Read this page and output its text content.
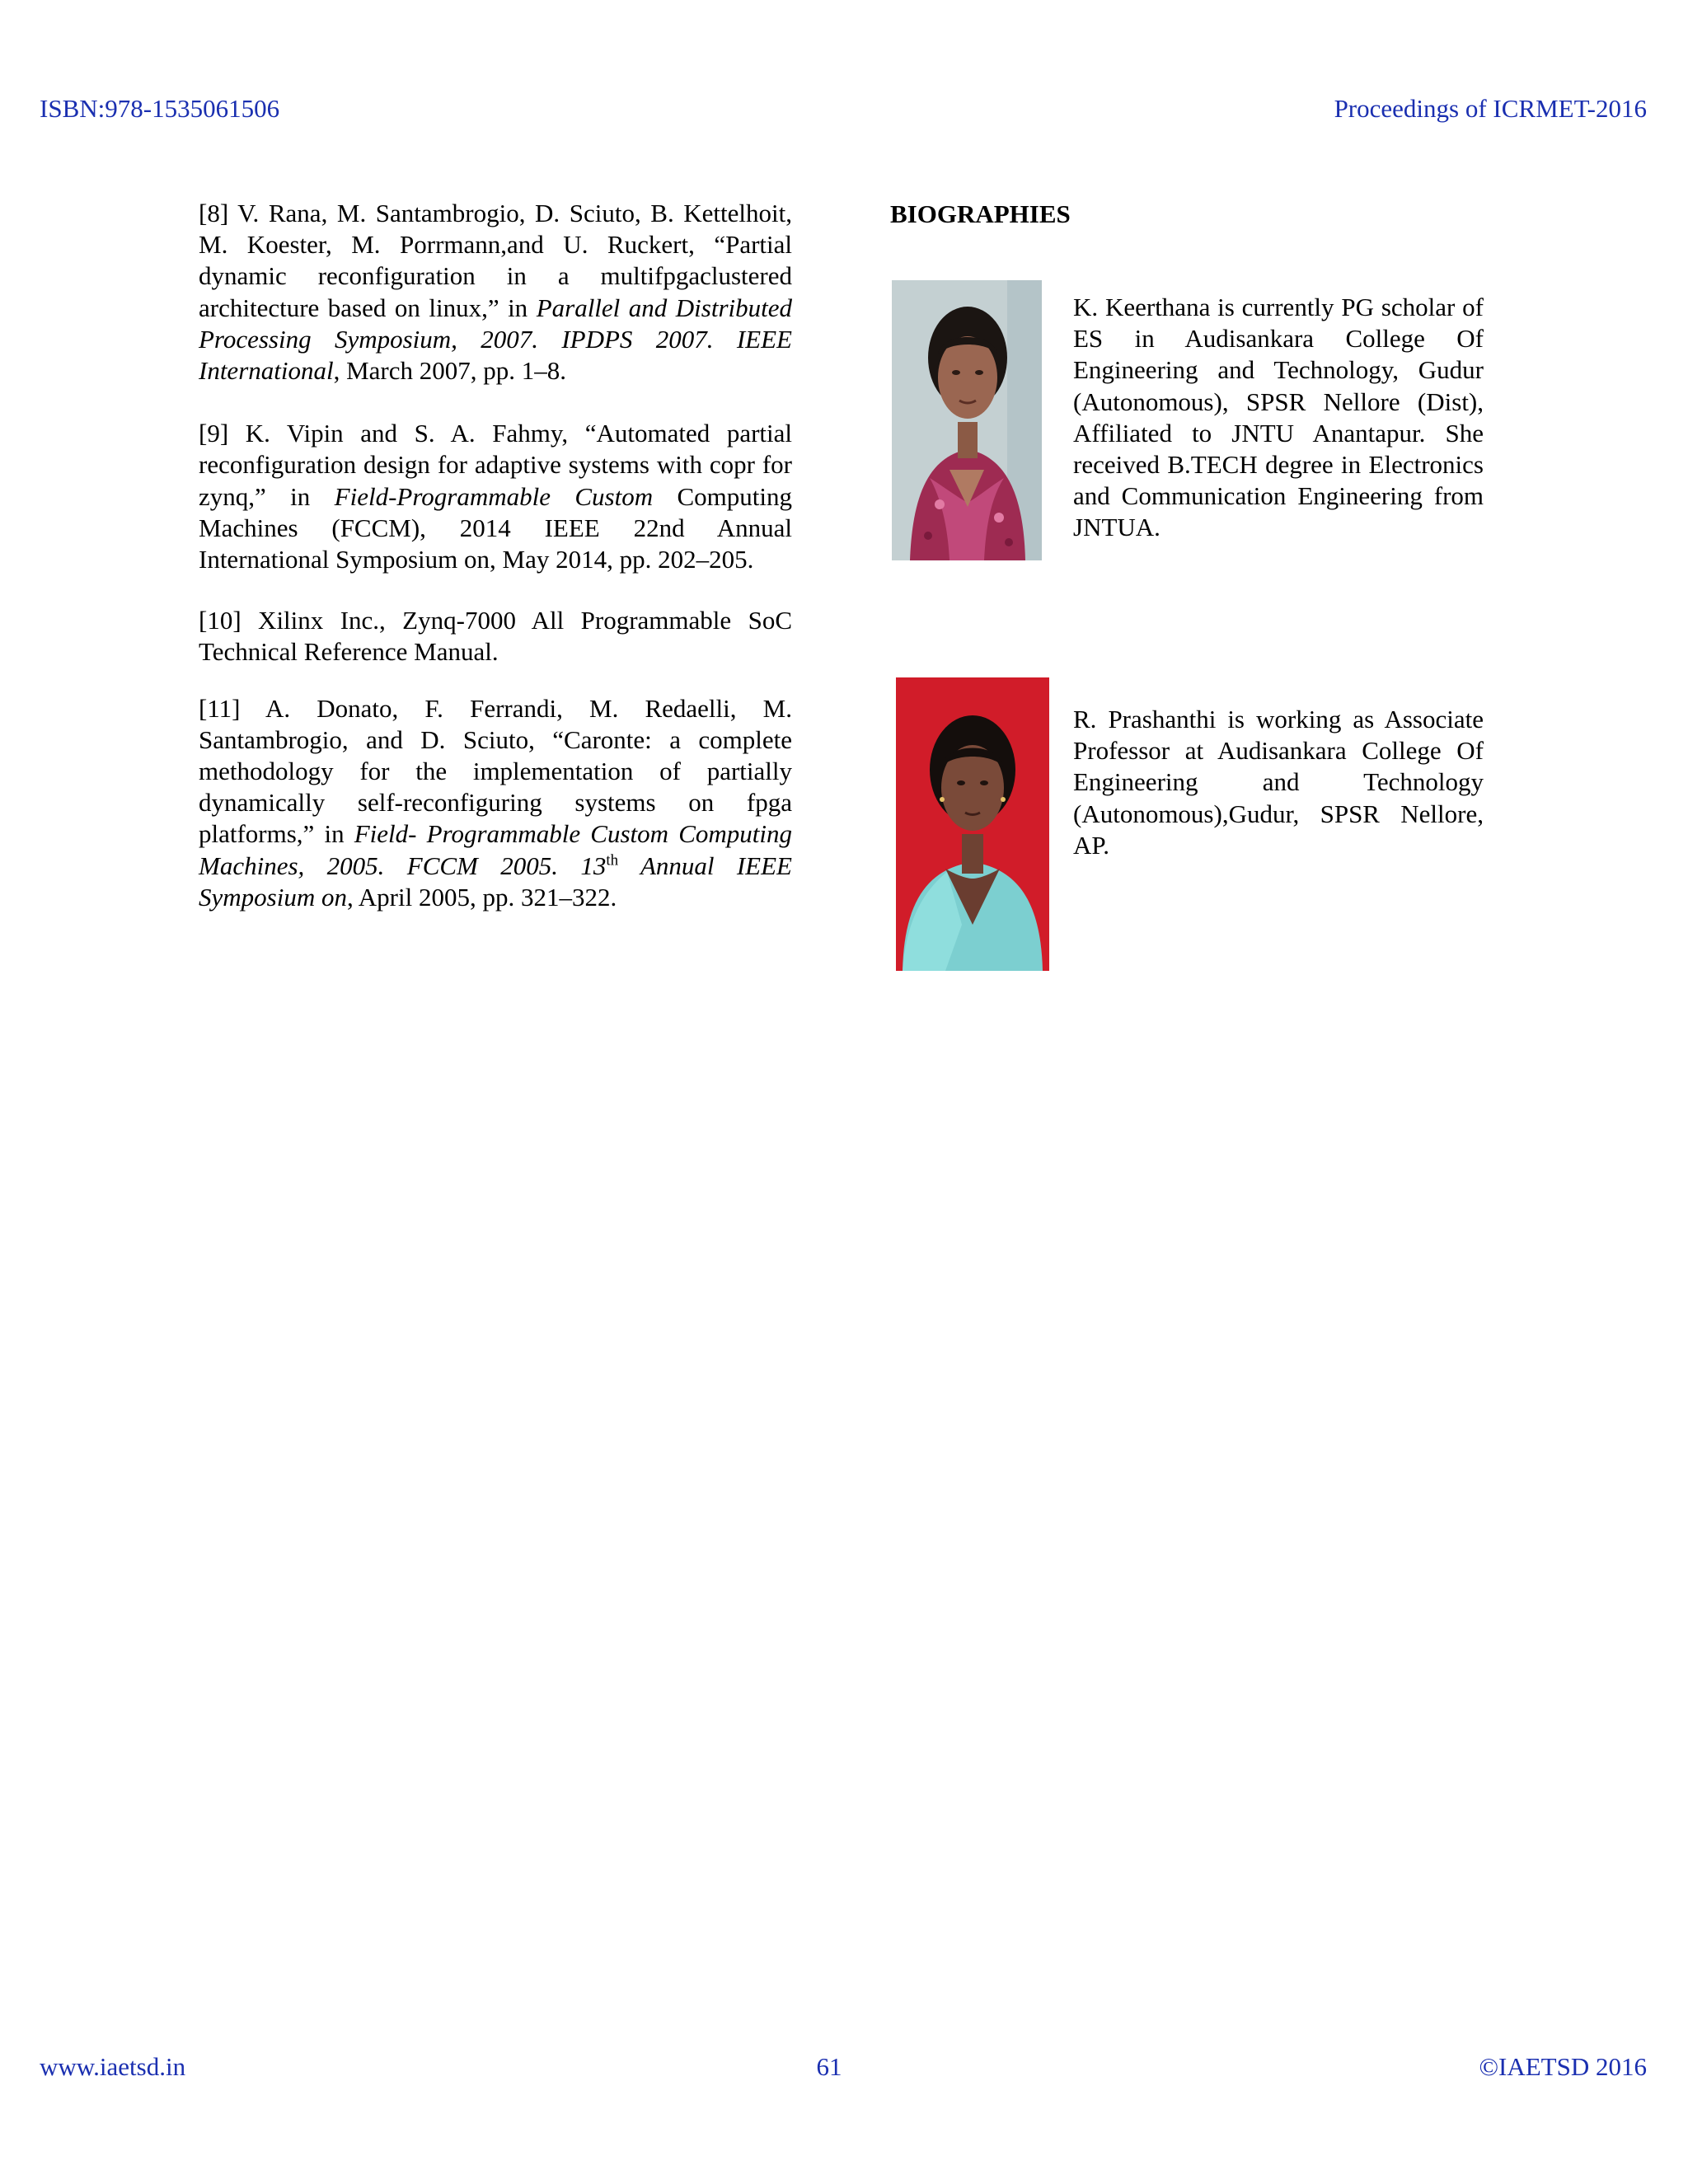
ISBN:978-1535061506	Proceedings of ICRMET-2016

[8] V. Rana, M. Santambrogio, D. Sciuto, B. Kettelhoit, M. Koester, M. Porrmann,and U. Ruckert, “Partial dynamic reconfiguration in a multifpgaclustered architecture based on linux,” in Parallel and Distributed Processing Symposium, 2007. IPDPS 2007. IEEE International, March 2007, pp. 1–8.

[9] K. Vipin and S. A. Fahmy, “Automated partial reconfiguration design for adaptive systems with copr for zynq,” in Field-Programmable Custom Computing Machines (FCCM), 2014 IEEE 22nd Annual International Symposium on, May 2014, pp. 202–205.

[10] Xilinx Inc., Zynq-7000 All Programmable SoC Technical Reference Manual.

[11] A. Donato, F. Ferrandi, M. Redaelli, M. Santambrogio, and D. Sciuto, “Caronte: a complete methodology for the implementation of partially dynamically self-reconfiguring systems on fpga platforms,” in Field- Programmable Custom Computing Machines, 2005. FCCM 2005. 13th Annual IEEE Symposium on, April 2005, pp. 321–322.

BIOGRAPHIES
K. Keerthana is currently PG scholar of ES in Audisankara College Of Engineering and Technology, Gudur (Autonomous), SPSR Nellore (Dist), Affiliated to JNTU Anantapur. She received B.TECH degree in Electronics and Communication Engineering from JNTUA.
R. Prashanthi is working as Associate Professor at Audisankara College Of Engineering and Technology (Autonomous),Gudur, SPSR Nellore, AP.
www.iaetsd.in	61	©IAETSD 2016
